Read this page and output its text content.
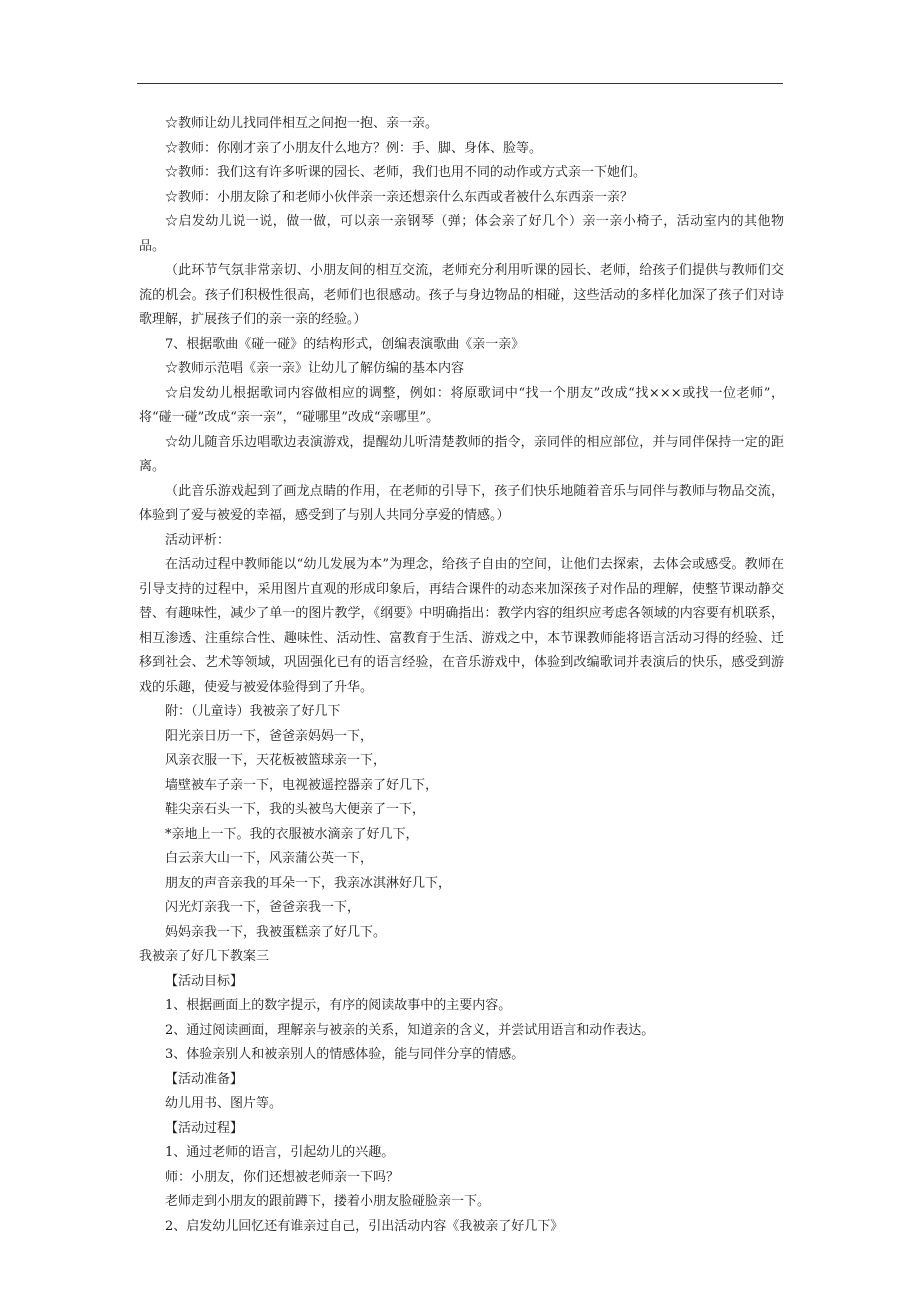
☆教师让幼儿找同伴相互之间抱一抱、亲一亲。

☆教师：你刚才亲了小朋友什么地方？例：手、脚、身体、脸等。

☆教师：我们这有许多听课的园长、老师，我们也用不同的动作或方式亲一下她们。

☆教师：小朋友除了和老师小伙伴亲一亲还想亲什么东西或者被什么东西亲一亲？

☆启发幼儿说一说，做一做，可以亲一亲钢琴（弹；体会亲了好几个）亲一亲小椅子，活动室内的其他物品。

（此环节气氛非常亲切、小朋友间的相互交流，老师充分利用听课的园长、老师，给孩子们提供与教师们交流的机会。孩子们积极性很高，老师们也很感动。孩子与身边物品的相碰，这些活动的多样化加深了孩子们对诗歌理解，扩展孩子们的亲一亲的经验。）

7、根据歌曲《碰一碰》的结构形式，创编表演歌曲《亲一亲》

☆教师示范唱《亲一亲》让幼儿了解仿编的基本内容

☆启发幼儿根据歌词内容做相应的调整，例如：将原歌词中“找一个朋友”改成“找×××或找一位老师”，将“碰一碰”改成“亲一亲”，“碰哪里”改成“亲哪里”。

☆幼儿随音乐边唱歌边表演游戏，提醒幼儿听清楚教师的指令，亲同伴的相应部位，并与同伴保持一定的距离。

（此音乐游戏起到了画龙点睛的作用，在老师的引导下，孩子们快乐地随着音乐与同伴与教师与物品交流，体验到了爱与被爱的幸福，感受到了与别人共同分享爱的情感。）

活动评析：

在活动过程中教师能以“幼儿发展为本”为理念，给孩子自由的空间，让他们去探索，去体会或感受。教师在引导支持的过程中，采用图片直观的形成印象后，再结合课件的动态来加深孩子对作品的理解，使整节课动静交替、有趣味性，减少了单一的图片教学，《纲要》中明确指出：教学内容的组织应考虑各领域的内容要有机联系，相互渗透、注重综合性、趣味性、活动性、富教育于生活、游戏之中，本节课教师能将语言活动习得的经验、迁移到社会、艺术等领域，巩固强化已有的语言经验，在音乐游戏中，体验到改编歌词并表演后的快乐，感受到游戏的乐趣，使爱与被爱体验得到了升华。

附：（儿童诗）我被亲了好几下

阳光亲日历一下，爸爸亲妈妈一下，

风亲衣服一下，天花板被篮球亲一下，

墙壁被车子亲一下，电视被遥控器亲了好几下，

鞋尖亲石头一下，我的头被鸟大便亲了一下，

*亲地上一下。我的衣服被水滴亲了好几下，

白云亲大山一下，风亲蒲公英一下，

朋友的声音亲我的耳朵一下，我亲冰淇淋好几下，

闪光灯亲我一下，爸爸亲我一下，

妈妈亲我一下，我被蛋糕亲了好几下。

我被亲了好几下教案三

【活动目标】

1、根据画面上的数字提示，有序的阅读故事中的主要内容。

2、通过阅读画面，理解亲与被亲的关系，知道亲的含义，并尝试用语言和动作表达。

3、体验亲别人和被亲别人的情感体验，能与同伴分享的情感。

【活动准备】

幼儿用书、图片等。

【活动过程】

1、通过老师的语言，引起幼儿的兴趣。

师：小朋友，你们还想被老师亲一下吗？

老师走到小朋友的跟前蹲下，搂着小朋友脸碰脸亲一下。

2、启发幼儿回忆还有谁亲过自己，引出活动内容《我被亲了好几下》
